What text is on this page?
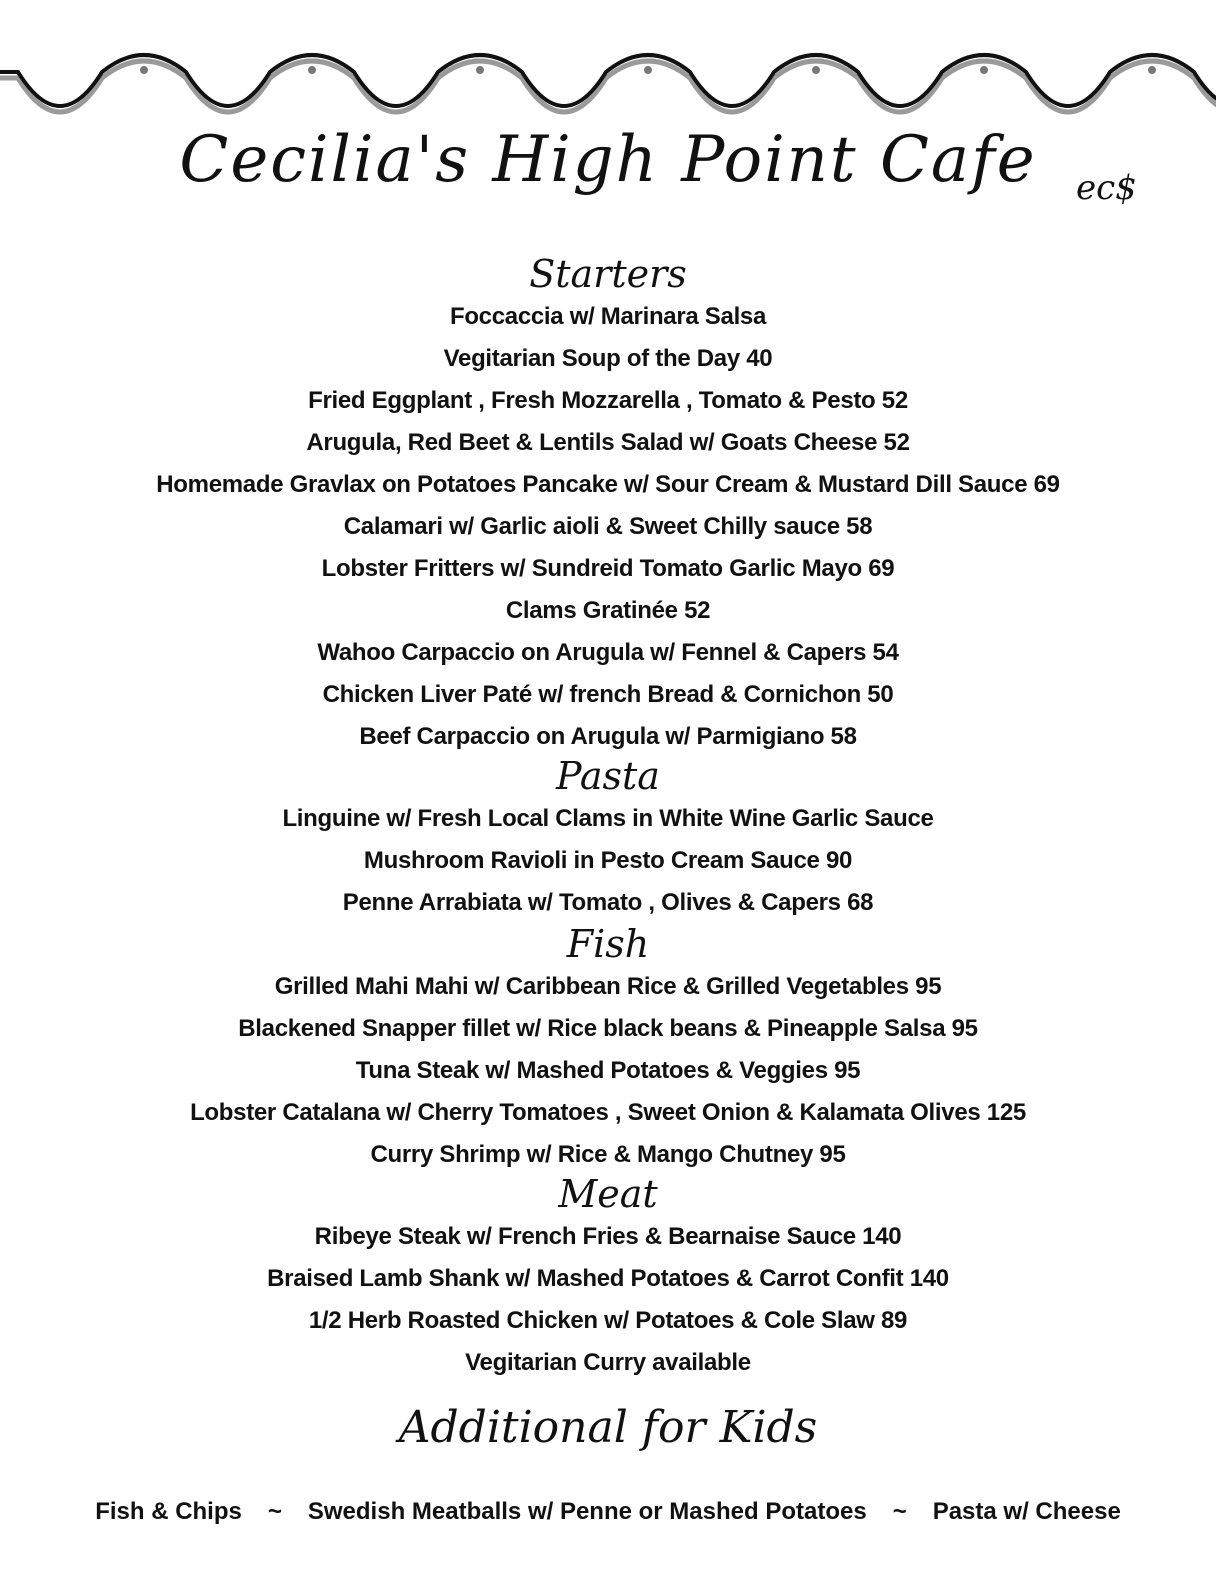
Cecilia's High Point Cafe	ec$
Starters
Foccaccia w/ Marinara Salsa
Vegitarian Soup of the Day 40
Fried Eggplant , Fresh Mozzarella , Tomato & Pesto 52
Arugula, Red Beet & Lentils Salad w/ Goats Cheese 52
Homemade Gravlax on Potatoes Pancake w/ Sour Cream & Mustard Dill Sauce 69
Calamari w/ Garlic aioli & Sweet Chilly sauce 58
Lobster Fritters w/ Sundreid Tomato Garlic Mayo 69
Clams Gratinée 52
Wahoo Carpaccio on Arugula w/ Fennel & Capers 54
Chicken Liver Paté w/ french Bread & Cornichon 50
Beef Carpaccio on Arugula w/ Parmigiano 58
Pasta
Linguine w/ Fresh Local Clams in White Wine Garlic Sauce
Mushroom Ravioli in Pesto Cream Sauce 90
Penne Arrabiata w/ Tomato , Olives & Capers 68
Fish
Grilled Mahi Mahi w/ Caribbean Rice & Grilled Vegetables 95
Blackened Snapper fillet w/ Rice black beans & Pineapple Salsa 95
Tuna Steak w/ Mashed Potatoes & Veggies 95
Lobster Catalana w/ Cherry Tomatoes , Sweet Onion & Kalamata Olives 125
Curry Shrimp w/ Rice & Mango Chutney 95
Meat
Ribeye Steak w/ French Fries & Bearnaise Sauce 140
Braised Lamb Shank w/ Mashed Potatoes & Carrot Confit 140
1/2 Herb Roasted Chicken w/ Potatoes & Cole Slaw 89
Vegitarian Curry available
Additional for Kids
Fish & Chips ~ Swedish Meatballs w/ Penne or Mashed Potatoes ~ Pasta w/ Cheese
